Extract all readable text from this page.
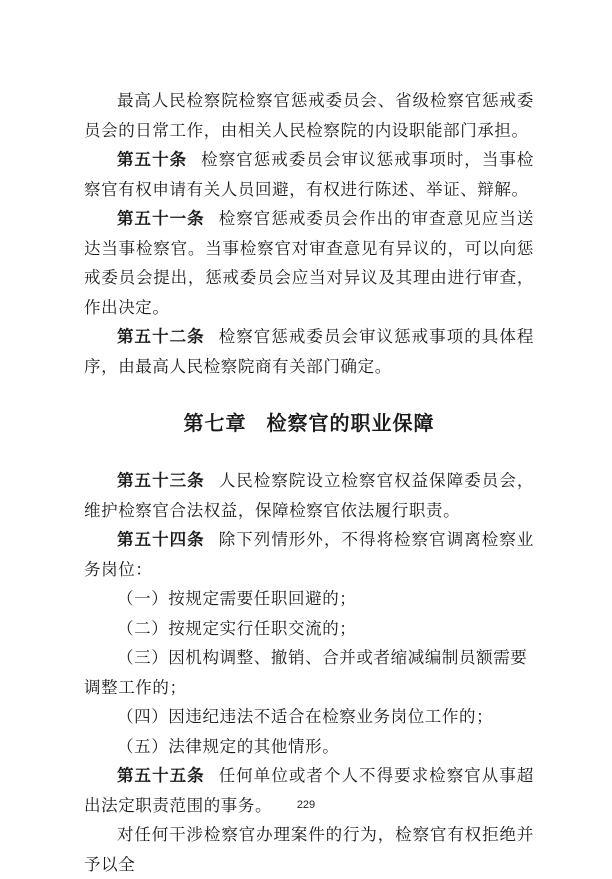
最高人民检察院检察官惩戒委员会、省级检察官惩戒委员会的日常工作，由相关人民检察院的内设职能部门承担。

第五十条 检察官惩戒委员会审议惩戒事项时，当事检察官有权申请有关人员回避，有权进行陈述、举证、辩解。

第五十一条 检察官惩戒委员会作出的审查意见应当送达当事检察官。当事检察官对审查意见有异议的，可以向惩戒委员会提出，惩戒委员会应当对异议及其理由进行审查，作出决定。

第五十二条 检察官惩戒委员会审议惩戒事项的具体程序，由最高人民检察院商有关部门确定。

第七章 检察官的职业保障

第五十三条 人民检察院设立检察官权益保障委员会，维护检察官合法权益，保障检察官依法履行职责。

第五十四条 除下列情形外，不得将检察官调离检察业务岗位：

（一）按规定需要任职回避的；

（二）按规定实行任职交流的；

（三）因机构调整、撤销、合并或者缩减编制员额需要调整工作的；

（四）因违纪违法不适合在检察业务岗位工作的；

（五）法律规定的其他情形。

第五十五条 任何单位或者个人不得要求检察官从事超出法定职责范围的事务。

对任何干涉检察官办理案件的行为，检察官有权拒绝并予以全

229
